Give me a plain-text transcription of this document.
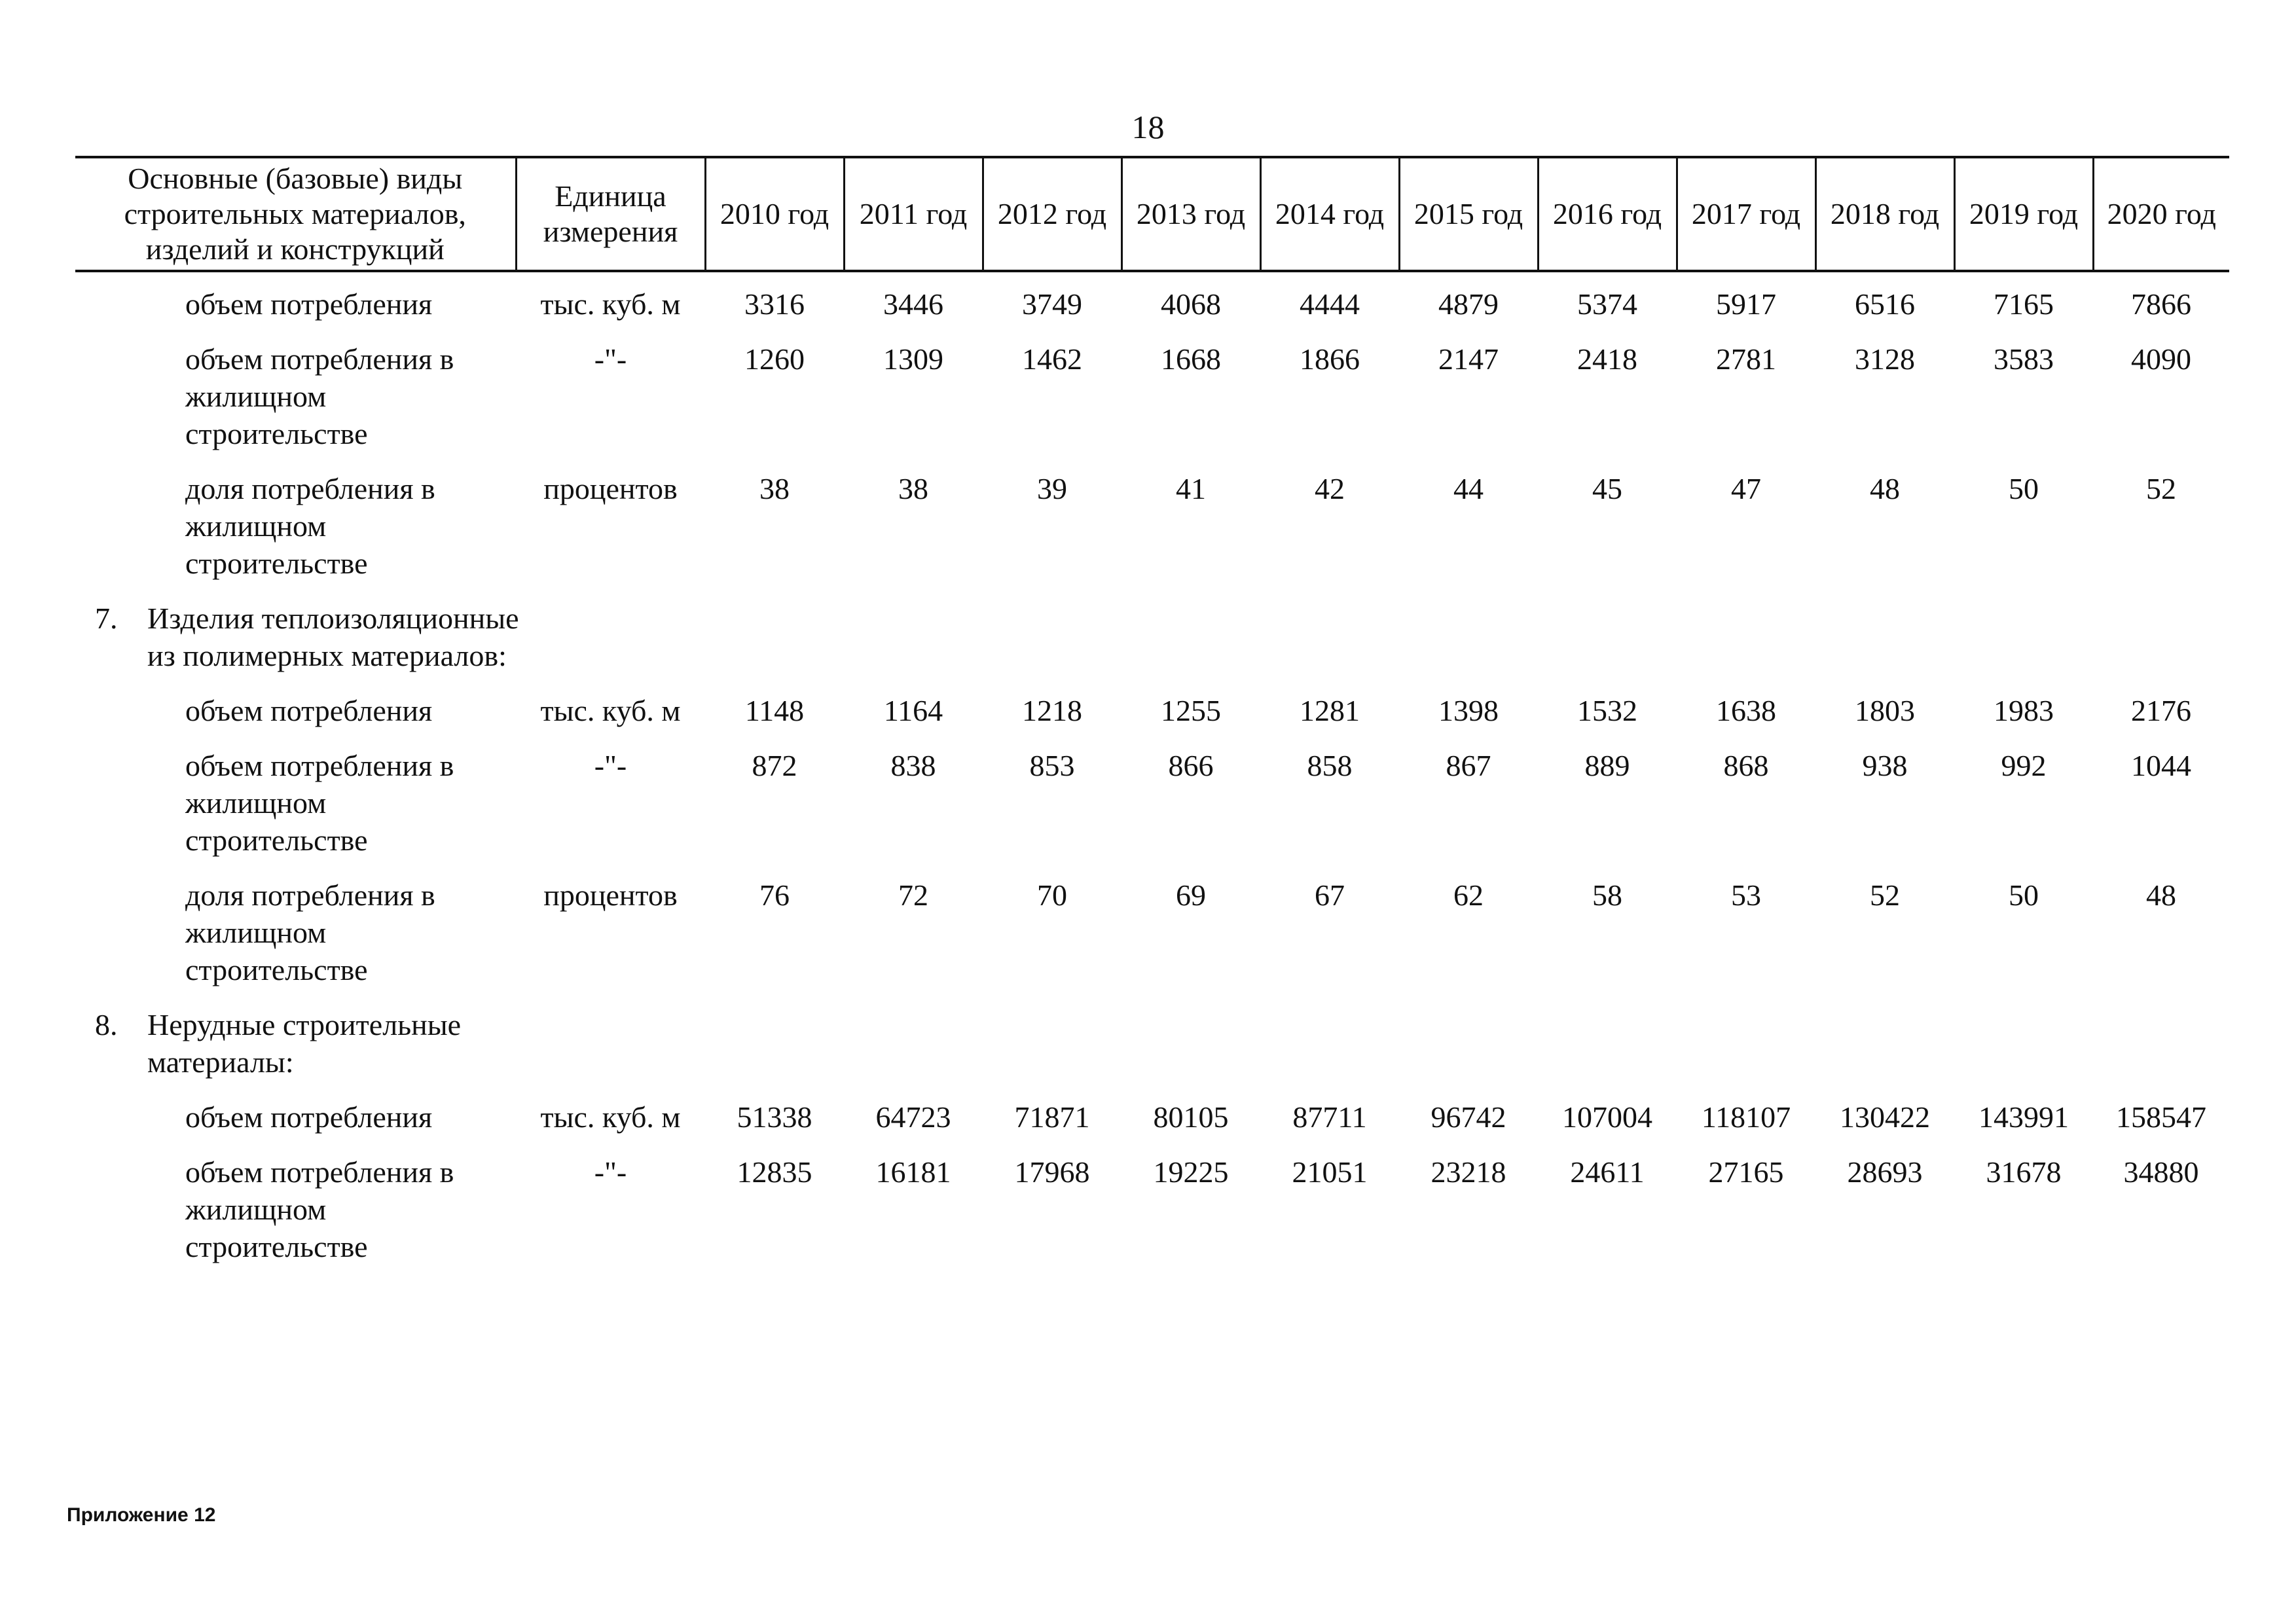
18
Основные (базовые) виды строительных материалов, изделий и конструкций	Единица измерения	2010 год	2011 год	2012 год	2013 год	2014 год	2015 год	2016 год	2017 год	2018 год	2019 год	2020 год

объем потребления	тыс. куб. м	3316	3446	3749	4068	4444	4879	5374	5917	6516	7165	7866
объем потребления в жилищном строительстве	-"-	1260	1309	1462	1668	1866	2147	2418	2781	3128	3583	4090
доля потребления в жилищном строительстве	процентов	38	38	39	41	42	44	45	47	48	50	52
7. Изделия теплоизоляционные из полимерных материалов:												
объем потребления	тыс. куб. м	1148	1164	1218	1255	1281	1398	1532	1638	1803	1983	2176
объем потребления в жилищном строительстве	-"-	872	838	853	866	858	867	889	868	938	992	1044
доля потребления в жилищном строительстве	процентов	76	72	70	69	67	62	58	53	52	50	48
8. Нерудные строительные материалы:												
объем потребления	тыс. куб. м	51338	64723	71871	80105	87711	96742	107004	118107	130422	143991	158547
объем потребления в жилищном строительстве	-"-	12835	16181	17968	19225	21051	23218	24611	27165	28693	31678	34880
Приложение 12
